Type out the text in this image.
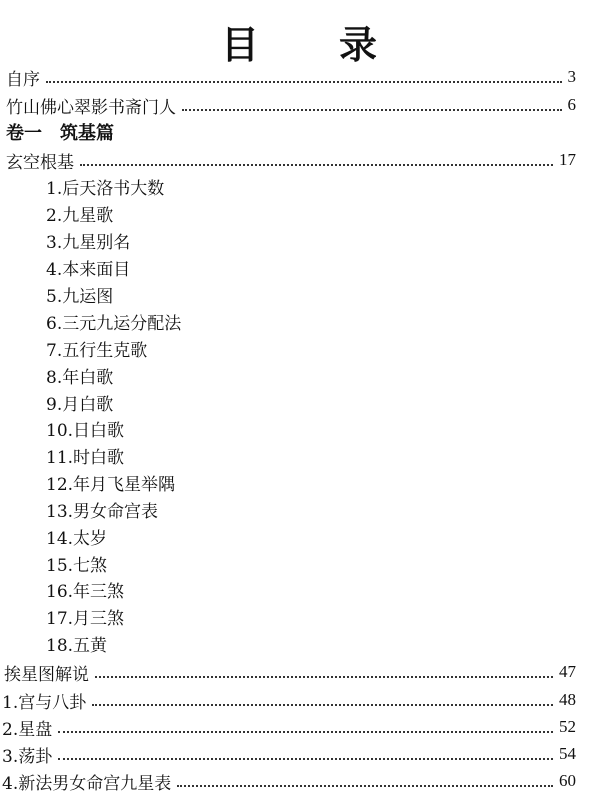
目 录
自序	3
竹山佛心翠影书斋门人	6
卷一　筑基篇
玄空根基	17
1.后天洛书大数
2.九星歌
3.九星别名
4.本来面目
5.九运图
6.三元九运分配法
7.五行生克歌
8.年白歌
9.月白歌
10.日白歌
11.时白歌
12.年月飞星举隅
13.男女命宫表
14.太岁
15.七煞
16.年三煞
17.月三煞
18.五黄
挨星图解说	47
1.宫与八卦	48
2.星盘	52
3.荡卦	54
4.新法男女命宫九星表	60
